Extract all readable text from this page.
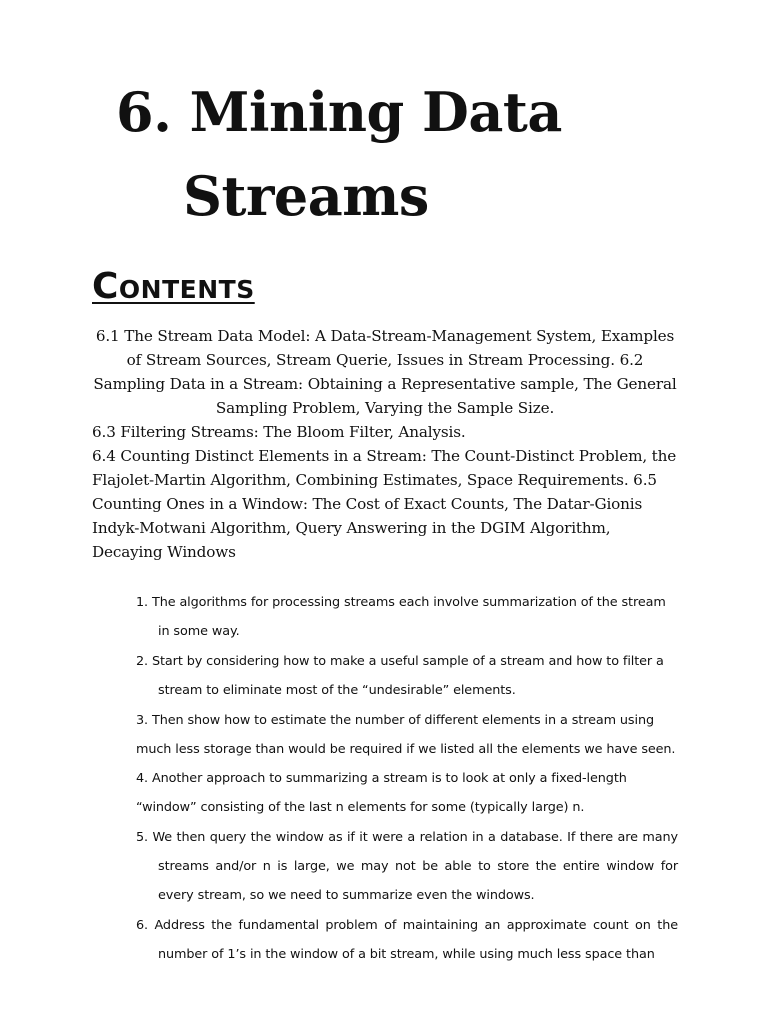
6. Mining Data
Streams
Contents

6.1 The Stream Data Model: A Data-Stream-Management System, Examples of Stream Sources, Stream Querie, Issues in Stream Processing. 6.2 Sampling Data in a Stream: Obtaining a Representative sample, The General Sampling Problem, Varying the Sample Size.

6.3 Filtering Streams: The Bloom Filter, Analysis.

6.4 Counting Distinct Elements in a Stream: The Count-Distinct Problem, the Flajolet-Martin Algorithm, Combining Estimates, Space Requirements. 6.5 Counting Ones in a Window: The Cost of Exact Counts, The Datar-Gionis Indyk-Motwani Algorithm, Query Answering in the DGIM Algorithm, Decaying Windows

1. The algorithms for processing streams each involve summarization of the stream in some way.

2. Start by considering how to make a useful sample of a stream and how to filter a stream to eliminate most of the “undesirable” elements.

3. Then show how to estimate the number of different elements in a stream using much less storage than would be required if we listed all the elements we have seen. 4. Another approach to summarizing a stream is to look at only a fixed-length “window” consisting of the last n elements for some (typically large) n.

5. We then query the window as if it were a relation in a database. If there are many streams and/or n is large, we may not be able to store the entire window for every stream, so we need to summarize even the windows.

6. Address the fundamental problem of maintaining an approximate count on the number of 1’s in the window of a bit stream, while using much less space than
